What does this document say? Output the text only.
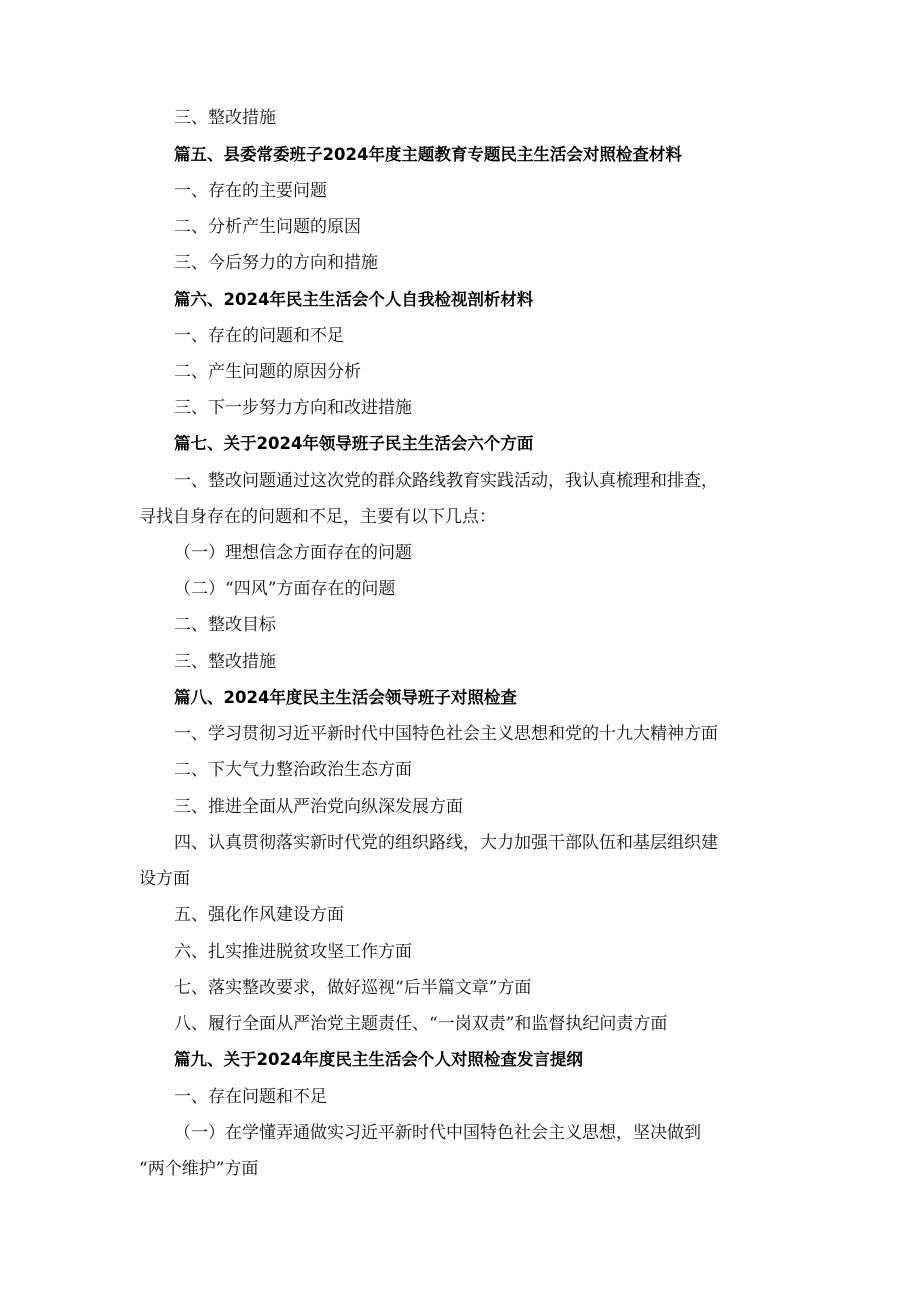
三、整改措施
篇五、县委常委班子2024年度主题教育专题民主生活会对照检查材料
一、存在的主要问题
二、分析产生问题的原因
三、今后努力的方向和措施
篇六、2024年民主生活会个人自我检视剖析材料
一、存在的问题和不足
二、产生问题的原因分析
三、下一步努力方向和改进措施
篇七、关于2024年领导班子民主生活会六个方面
一、整改问题通过这次党的群众路线教育实践活动，我认真梳理和排查，
寻找自身存在的问题和不足，主要有以下几点：
（一）理想信念方面存在的问题
（二）“四风”方面存在的问题
二、整改目标
三、整改措施
篇八、2024年度民主生活会领导班子对照检查
一、学习贯彻习近平新时代中国特色社会主义思想和党的十九大精神方面
二、下大气力整治政治生态方面
三、推进全面从严治党向纵深发展方面
四、认真贯彻落实新时代党的组织路线，大力加强干部队伍和基层组织建
设方面
五、强化作风建设方面
六、扎实推进脱贫攻坚工作方面
七、落实整改要求，做好巡视“后半篇文章”方面
八、履行全面从严治党主题责任、“一岗双责”和监督执纪问责方面
篇九、关于2024年度民主生活会个人对照检查发言提纲
一、存在问题和不足
（一）在学懂弄通做实习近平新时代中国特色社会主义思想，坚决做到
“两个维护”方面
